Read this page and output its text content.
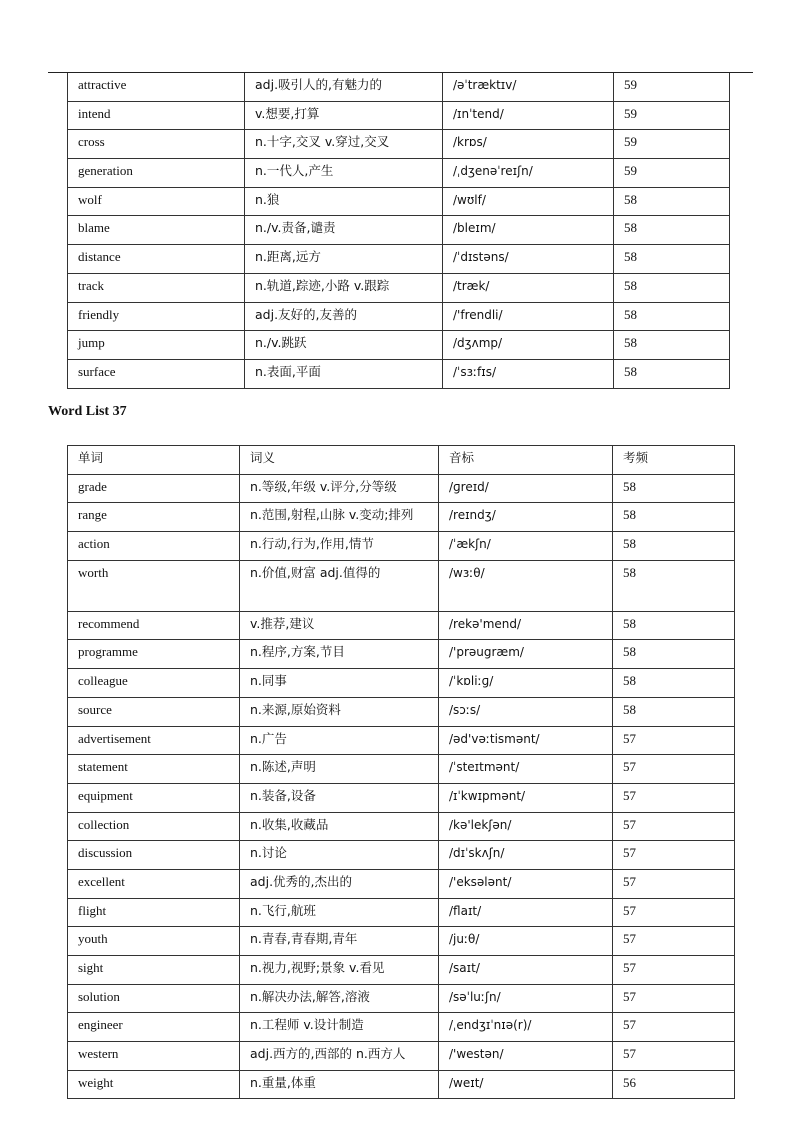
attractive	adj.吸引人的,有魅力的	/əˈtræktɪv/	59
intend	v.想要,打算	/ɪnˈtend/	59
cross	n.十字,交叉 v.穿过,交叉	/krɒs/	59
generation	n.一代人,产生	/ˌdʒenəˈreɪʃn/	59
wolf	n.狼	/wʊlf/	58
blame	n./v.责备,谴责	/bleɪm/	58
distance	n.距离,远方	/ˈdɪstəns/	58
track	n.轨道,踪迹,小路 v.跟踪	/træk/	58
friendly	adj.友好的,友善的	/'frendli/	58
jump	n./v.跳跃	/dʒʌmp/	58
surface	n.表面,平面	/ˈsɜːfɪs/	58
Word List 37
单词	词义	音标	考频
grade	n.等级,年级 v.评分,分等级	/ɡreɪd/	58
range	n.范围,射程,山脉 v.变动;排列	/reɪndʒ/	58
action	n.行动,行为,作用,情节	/ˈækʃn/	58
worth	n.价值,财富 adj.值得的	/wɜːθ/	58
recommend	v.推荐,建议	/rekə'mend/	58
programme	n.程序,方案,节目	/'prəugræm/	58
colleague	n.同事	/ˈkɒliːɡ/	58
source	n.来源,原始资料	/sɔːs/	58
advertisement	n.广告	/əd'vəːtismənt/	57
statement	n.陈述,声明	/ˈsteɪtmənt/	57
equipment	n.装备,设备	/ɪˈkwɪpmənt/	57
collection	n.收集,收藏品	/kə'lekʃən/	57
discussion	n.讨论	/dɪˈskʌʃn/	57
excellent	adj.优秀的,杰出的	/'eksələnt/	57
flight	n.飞行,航班	/flaɪt/	57
youth	n.青春,青春期,青年	/juːθ/	57
sight	n.视力,视野;景象 v.看见	/saɪt/	57
solution	n.解决办法,解答,溶液	/səˈluːʃn/	57
engineer	n.工程师 v.设计制造	/ˌendʒɪˈnɪə(r)/	57
western	adj.西方的,西部的 n.西方人	/'westən/	57
weight	n.重量,体重	/weɪt/	56
